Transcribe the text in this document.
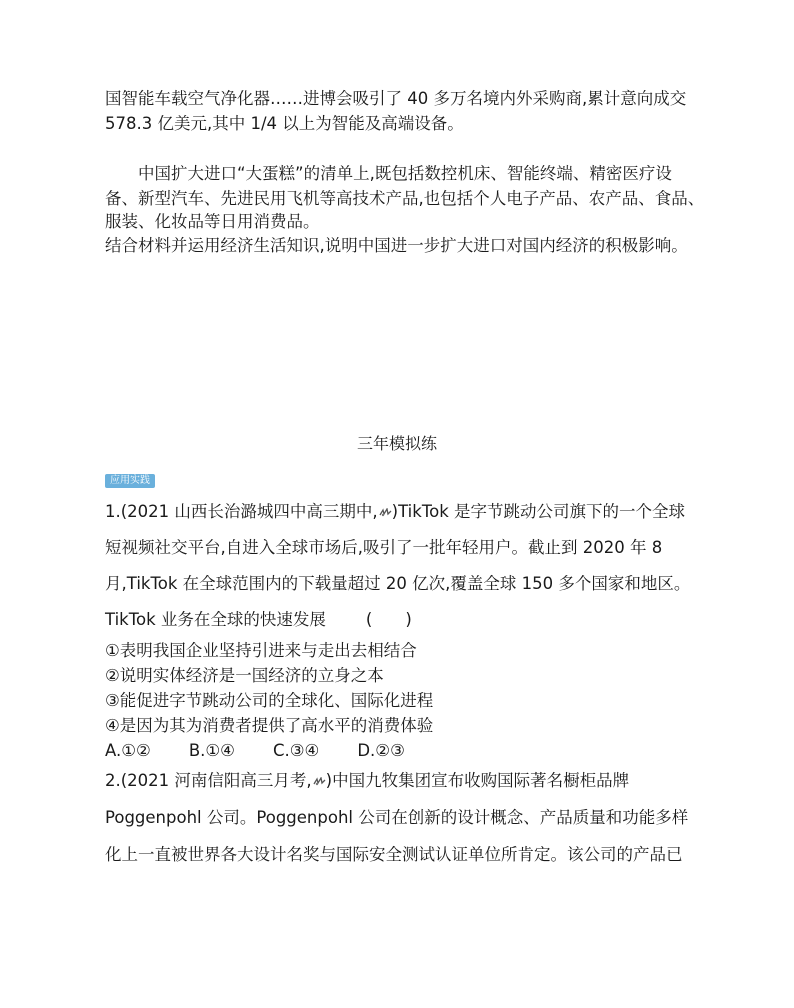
国智能车载空气净化器……进博会吸引了 40 多万名境内外采购商,累计意向成交
578.3 亿美元,其中 1/4 以上为智能及高端设备。
中国扩大进口“大蛋糕”的清单上,既包括数控机床、智能终端、精密医疗设
备、新型汽车、先进民用飞机等高技术产品,也包括个人电子产品、农产品、食品、
服装、化妆品等日用消费品。
结合材料并运用经济生活知识,说明中国进一步扩大进口对国内经济的积极影响。
三年模拟练
应用实践
1.(2021 山西长治潞城四中高三期中, )TikTok 是字节跳动公司旗下的一个全球
短视频社交平台,自进入全球市场后,吸引了一批年轻用户。截止到 2020 年 8
月,TikTok 在全球范围内的下载量超过 20 亿次,覆盖全球 150 多个国家和地区。
TikTok 业务在全球的快速发展 (　　)
①表明我国企业坚持引进来与走出去相结合
②说明实体经济是一国经济的立身之本
③能促进字节跳动公司的全球化、国际化进程
④是因为其为消费者提供了高水平的消费体验
A.①② B.①④ C.③④ D.②③
2.(2021 河南信阳高三月考, )中国九牧集团宣布收购国际著名橱柜品牌
Poggenpohl 公司。Poggenpohl 公司在创新的设计概念、产品质量和功能多样
化上一直被世界各大设计名奖与国际安全测试认证单位所肯定。该公司的产品已
